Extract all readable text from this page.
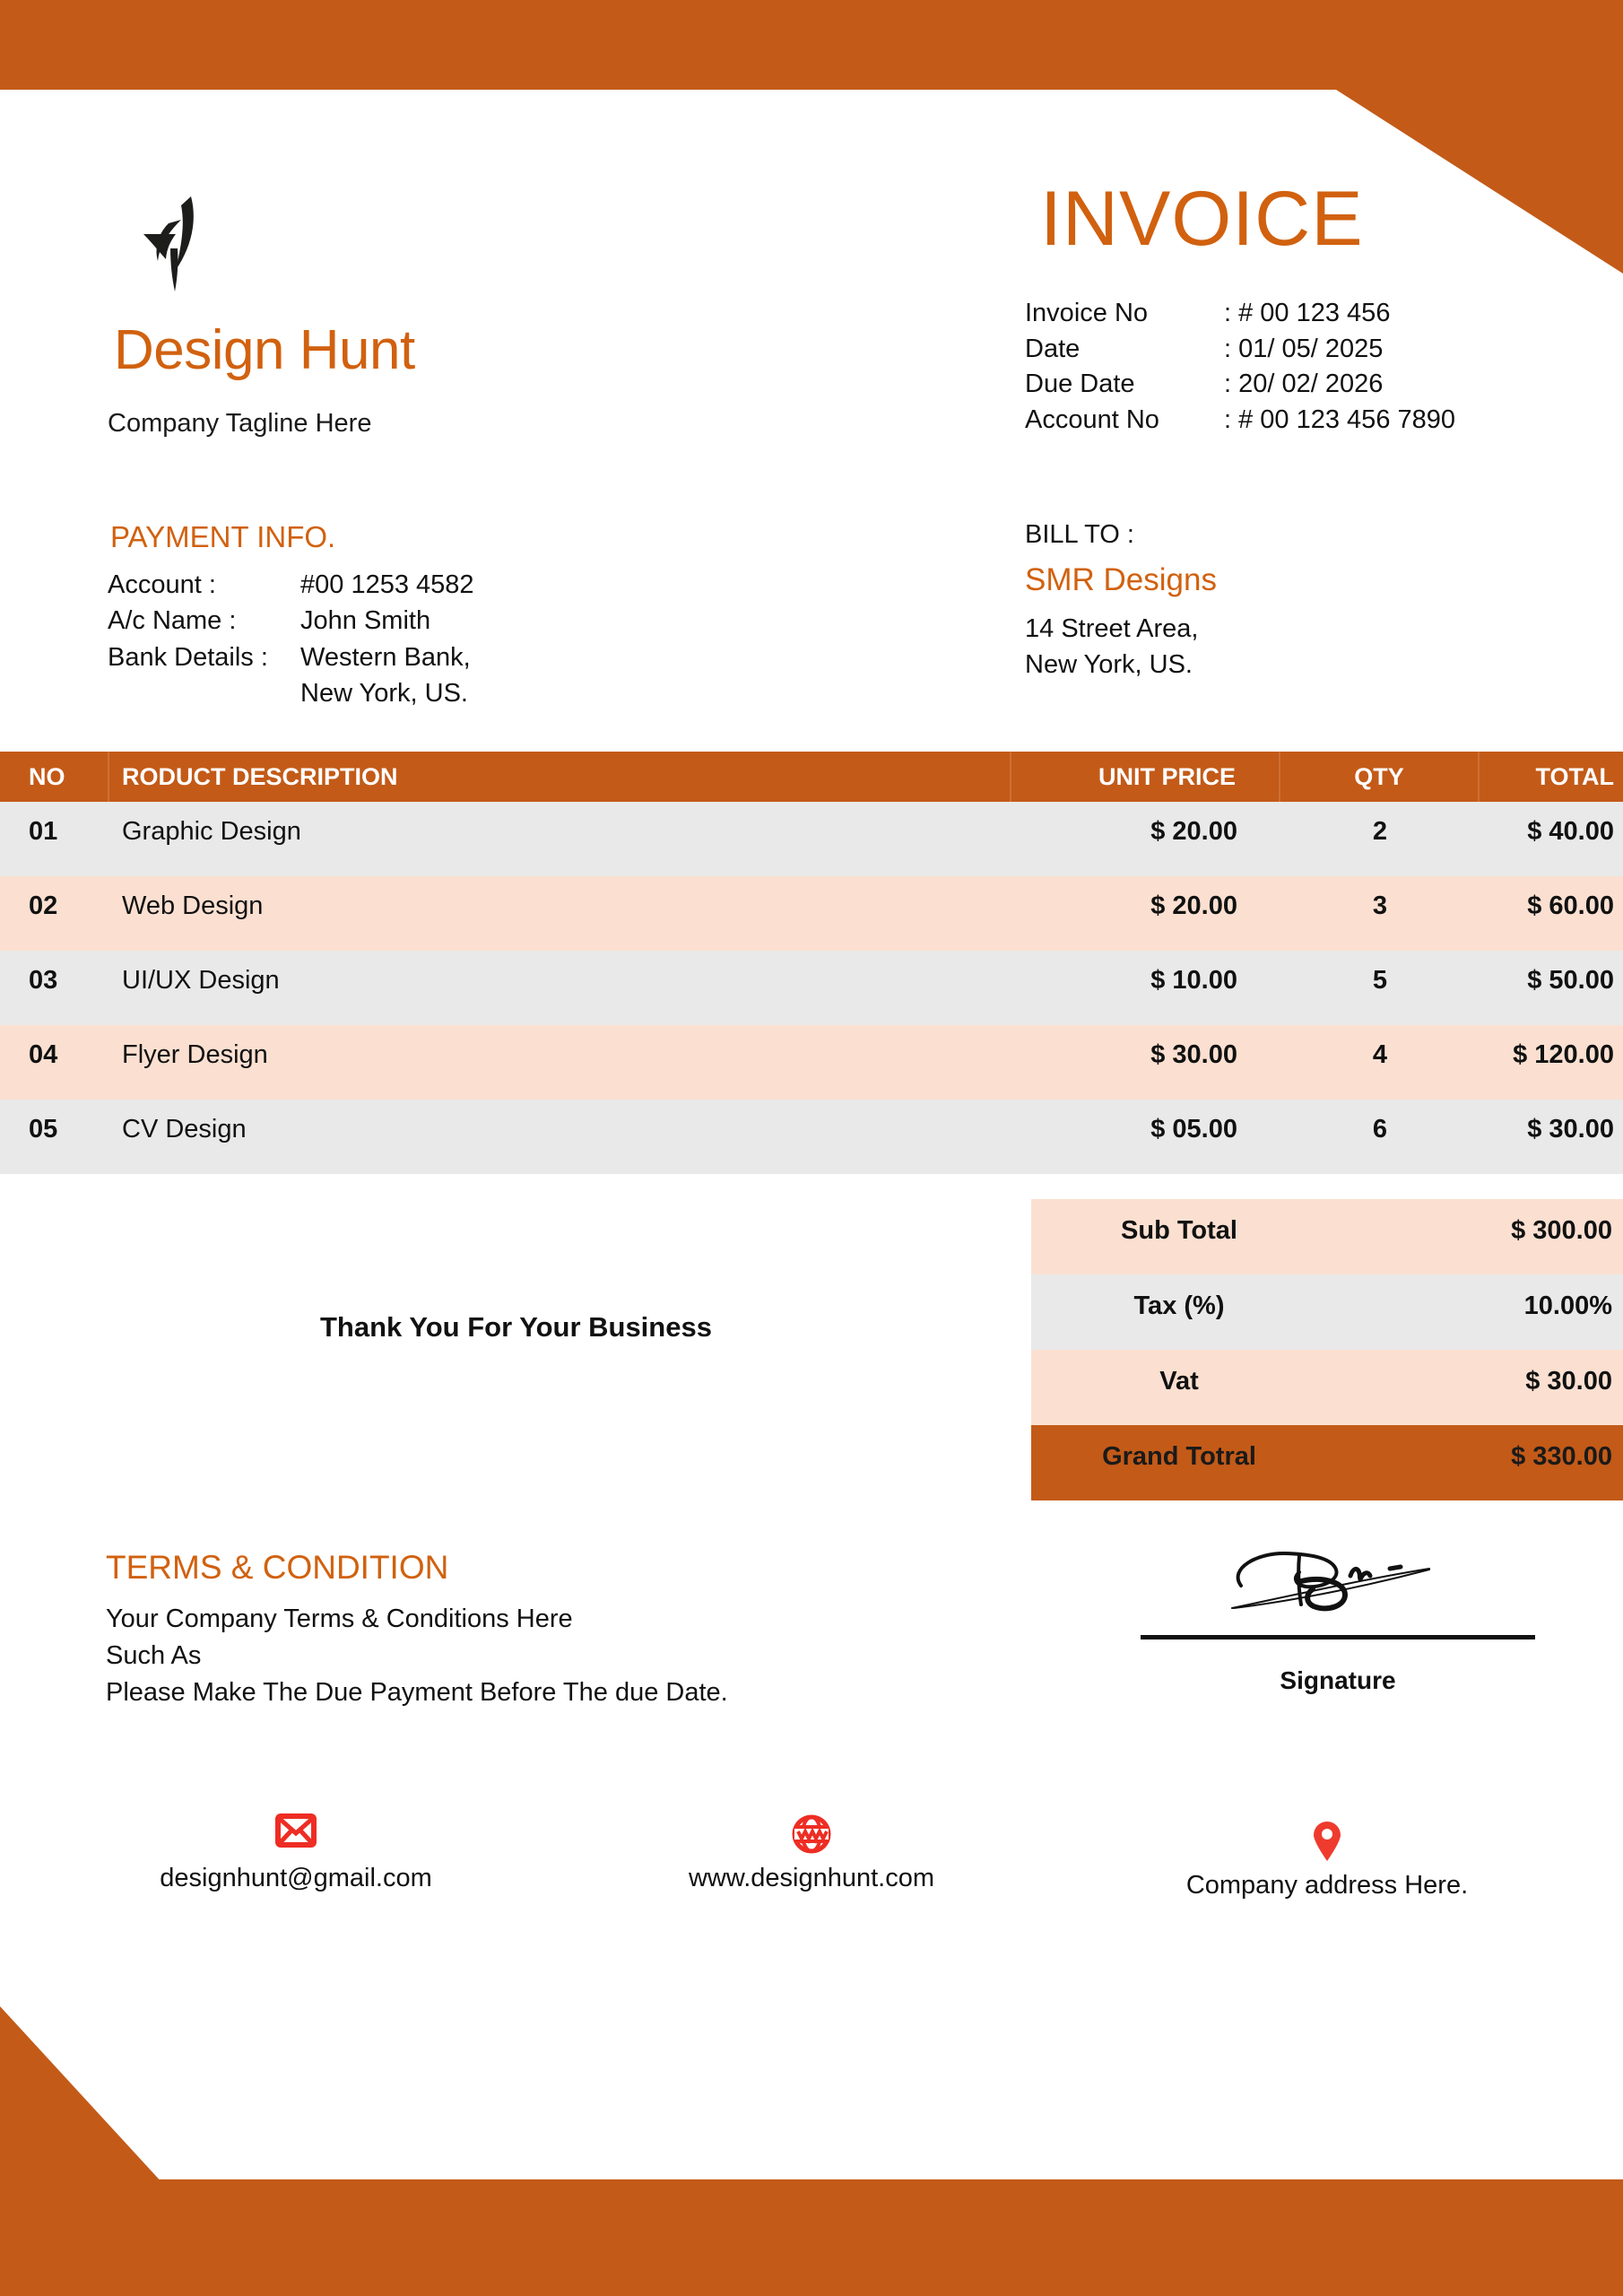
Design Hunt
Company Tagline Here
INVOICE
Invoice No	: # 00 123 456
Date	: 01/ 05/ 2025
Due Date	: 20/ 02/ 2026
Account No	: # 00 123 456 7890
PAYMENT INFO.
Account :	#00 1253 4582
A/c Name :	John Smith
Bank Details :	Western Bank,
New York, US.
BILL TO :
SMR Designs
14 Street Area,
New York, US.
NO	RODUCT DESCRIPTION	UNIT PRICE	QTY	TOTAL
01	Graphic Design	$ 20.00	2	$ 40.00
02	Web Design	$ 20.00	3	$ 60.00
03	UI/UX Design	$ 10.00	5	$ 50.00
04	Flyer Design	$ 30.00	4	$ 120.00
05	CV Design	$ 05.00	6	$ 30.00
Sub Total	$ 300.00
Tax (%)	10.00%
Vat	$ 30.00
Grand Totral	$ 330.00
Thank You For Your Business
TERMS & CONDITION
Your Company Terms & Conditions Here
Such As
Please Make The Due Payment Before The due Date.	Signature
designhunt@gmail.com	www.designhunt.com	Company address Here.
